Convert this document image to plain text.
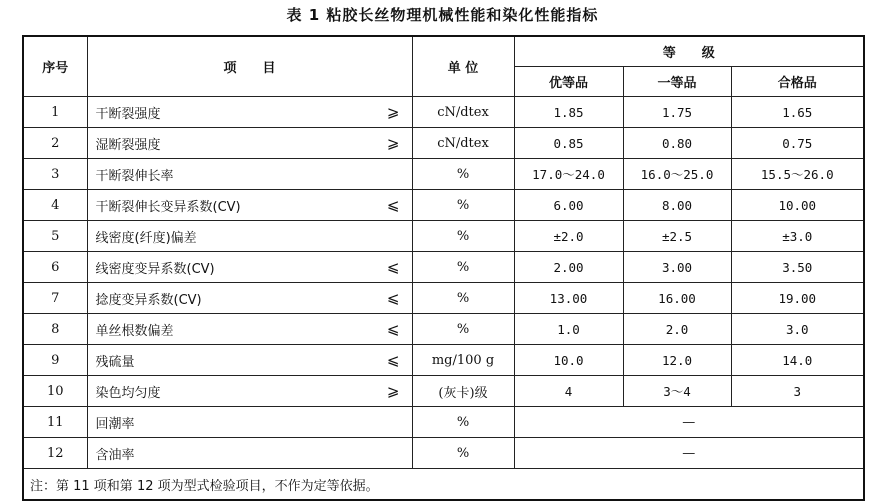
表 1 粘胶长丝物理机械性能和染化性能指标
序号	项　　目	单 位	等　　级		
			优等品	一等品	合格品
1	干断裂强度 ⩾	cN/dtex	1.85	1.75	1.65
2	湿断裂强度 ⩾	cN/dtex	0.85	0.80	0.75
3	干断裂伸长率	%	17.0～24.0	16.0～25.0	15.5～26.0
4	干断裂伸长变异系数(CV) ⩽	%	6.00	8.00	10.00
5	线密度(纤度)偏差	%	±2.0	±2.5	±3.0
6	线密度变异系数(CV) ⩽	%	2.00	3.00	3.50
7	捻度变异系数(CV) ⩽	%	13.00	16.00	19.00
8	单丝根数偏差 ⩽	%	1.0	2.0	3.0
9	残硫量 ⩽	mg/100 g	10.0	12.0	14.0
10	染色均匀度 ⩾	(灰卡)级	4	3～4	3
11	回潮率	%	—		
12	含油率	%	—		
注：第 11 项和第 12 项为型式检验项目，不作为定等依据。					
